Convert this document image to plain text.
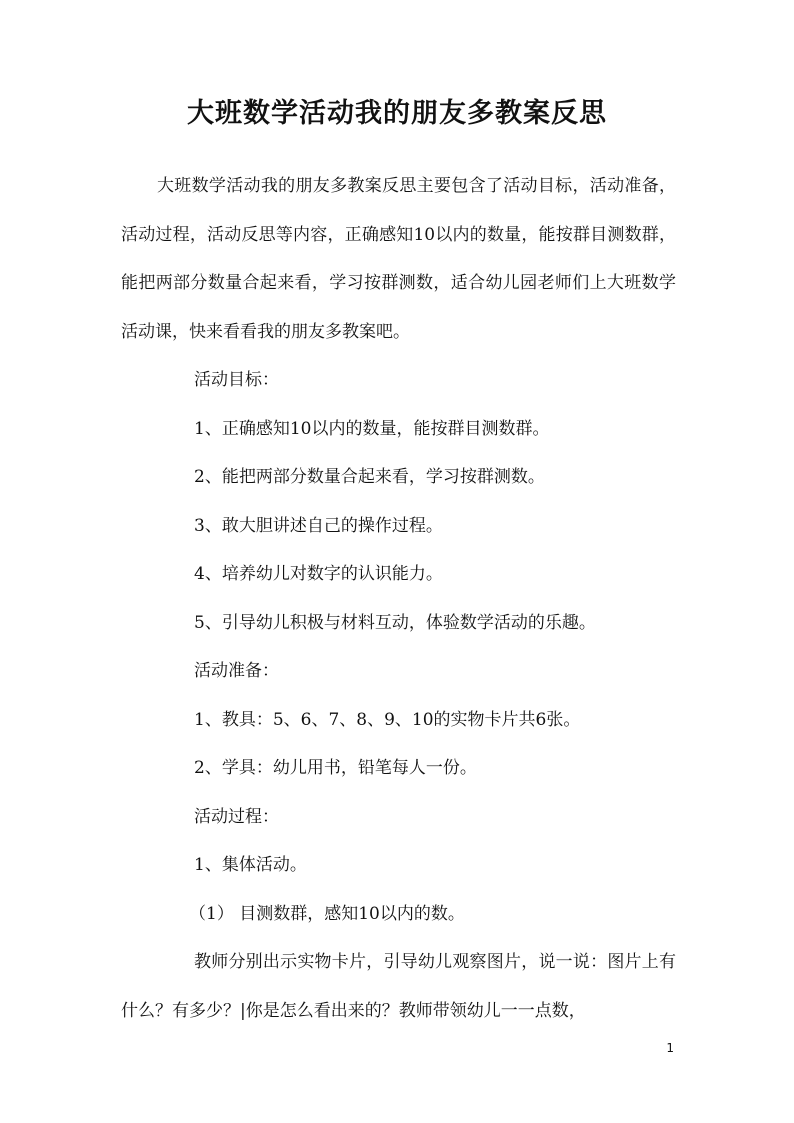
大班数学活动我的朋友多教案反思
大班数学活动我的朋友多教案反思主要包含了活动目标，活动准备，活动过程，活动反思等内容，正确感知10以内的数量，能按群目测数群，能把两部分数量合起来看，学习按群测数，适合幼儿园老师们上大班数学活动课，快来看看我的朋友多教案吧。
活动目标：
1、正确感知10以内的数量，能按群目测数群。
2、能把两部分数量合起来看，学习按群测数。
3、敢大胆讲述自己的操作过程。
4、培养幼儿对数字的认识能力。
5、引导幼儿积极与材料互动，体验数学活动的乐趣。
活动准备：
1、教具：5、6、7、8、9、10的实物卡片共6张。
2、学具：幼儿用书，铅笔每人一份。
活动过程：
1、集体活动。
（1） 目测数群，感知10以内的数。
教师分别出示实物卡片，引导幼儿观察图片，说一说：图片上有什么？有多少？|你是怎么看出来的？教师带领幼儿一一点数，
1
